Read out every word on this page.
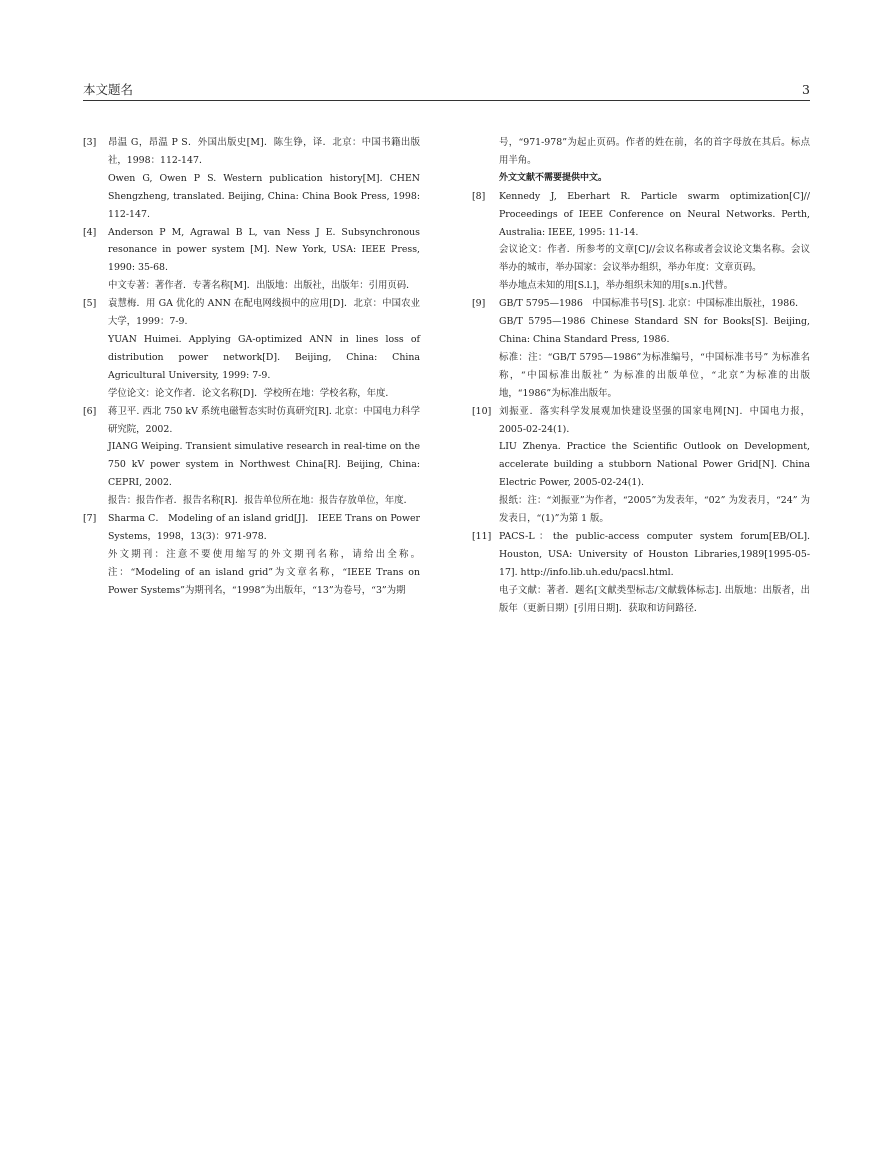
本文题名	3
[3] 昂温 G，昂温 P S．外国出版史[M]．陈生铮，译．北京：中国书籍出版社，1998：112-147．
Owen G, Owen P S. Western publication history[M]. CHEN Shengzheng, translated. Beijing, China: China Book Press, 1998: 112-147.
[4] Anderson P M, Agrawal B L, van Ness J E. Subsynchronous resonance in power system [M]. New York, USA: IEEE Press, 1990: 35-68.
中文专著：著作者．专著名称[M]．出版地：出版社，出版年：引用页码．
[5] 袁慧梅．用 GA 优化的 ANN 在配电网线损中的应用[D]．北京：中国农业大学，1999：7-9.
YUAN Huimei. Applying GA-optimized ANN in lines loss of distribution power network[D]. Beijing, China: China Agricultural University, 1999: 7-9.
学位论文：论文作者．论文名称[D]．学校所在地：学校名称，年度．
[6] 蒋卫平. 西北 750 kV 系统电磁暂态实时仿真研究[R]. 北京：中国电力科学研究院，2002.
JIANG Weiping. Transient simulative research in real-time on the 750 kV power system in Northwest China[R]. Beijing, China: CEPRI, 2002.
报告：报告作者．报告名称[R]．报告单位所在地：报告存放单位，年度．
[7] Sharma C． Modeling of an island grid[J]． IEEE Trans on Power Systems，1998，13(3)：971-978．
外文期刊：注意不要使用缩写的外文期刊名称，请给出全称。注：“Modeling of an island grid”为文章名称，“IEEE Trans on Power Systems”为期刊名，“1998”为出版年，“13”为卷号，“3”为期
号，“971-978”为起止页码。作者的姓在前，名的首字母放在其后。标点用半角。
外文文献不需要提供中文。
[8] Kennedy J, Eberhart R. Particle swarm optimization[C]// Proceedings of IEEE Conference on Neural Networks. Perth, Australia: IEEE, 1995: 11-14.
会议论文：作者．所参考的文章[C]//会议名称或者会议论文集名称。会议举办的城市，举办国家：会议举办组织，举办年度：文章页码。
举办地点未知的用[S.l.]，举办组织未知的用[s.n.]代替。
[9] GB/T 5795—1986　中国标准书号[S]. 北京：中国标准出版社，1986．
GB/T 5795—1986 Chinese Standard SN for Books[S]. Beijing, China: China Standard Press, 1986.
标准：注：“GB/T 5795—1986”为标准编号，“中国标准书号” 为标准名称，“中国标准出版社” 为标准的出版单位，“北京”为标准的出版地，“1986”为标准出版年。
[10] 刘振亚．落实科学发展观加快建设坚强的国家电网[N]．中国电力报，2005-02-24(1)．
LIU Zhenya. Practice the Scientific Outlook on Development, accelerate building a stubborn National Power Grid[N]. China Electric Power, 2005-02-24(1).
报纸：注：“刘振亚”为作者，“2005”为发表年，“02” 为发表月，“24” 为发表日，“(1)”为第 1 版。
[11] PACS-L：the public-access computer system forum[EB/OL]. Houston, USA: University of Houston Libraries,1989[1995-05-17]. http://info.lib.uh.edu/pacsl.html.
电子文献：著者．题名[文献类型标志/文献载体标志]. 出版地：出版者，出版年（更新日期）[引用日期]．获取和访问路径．
